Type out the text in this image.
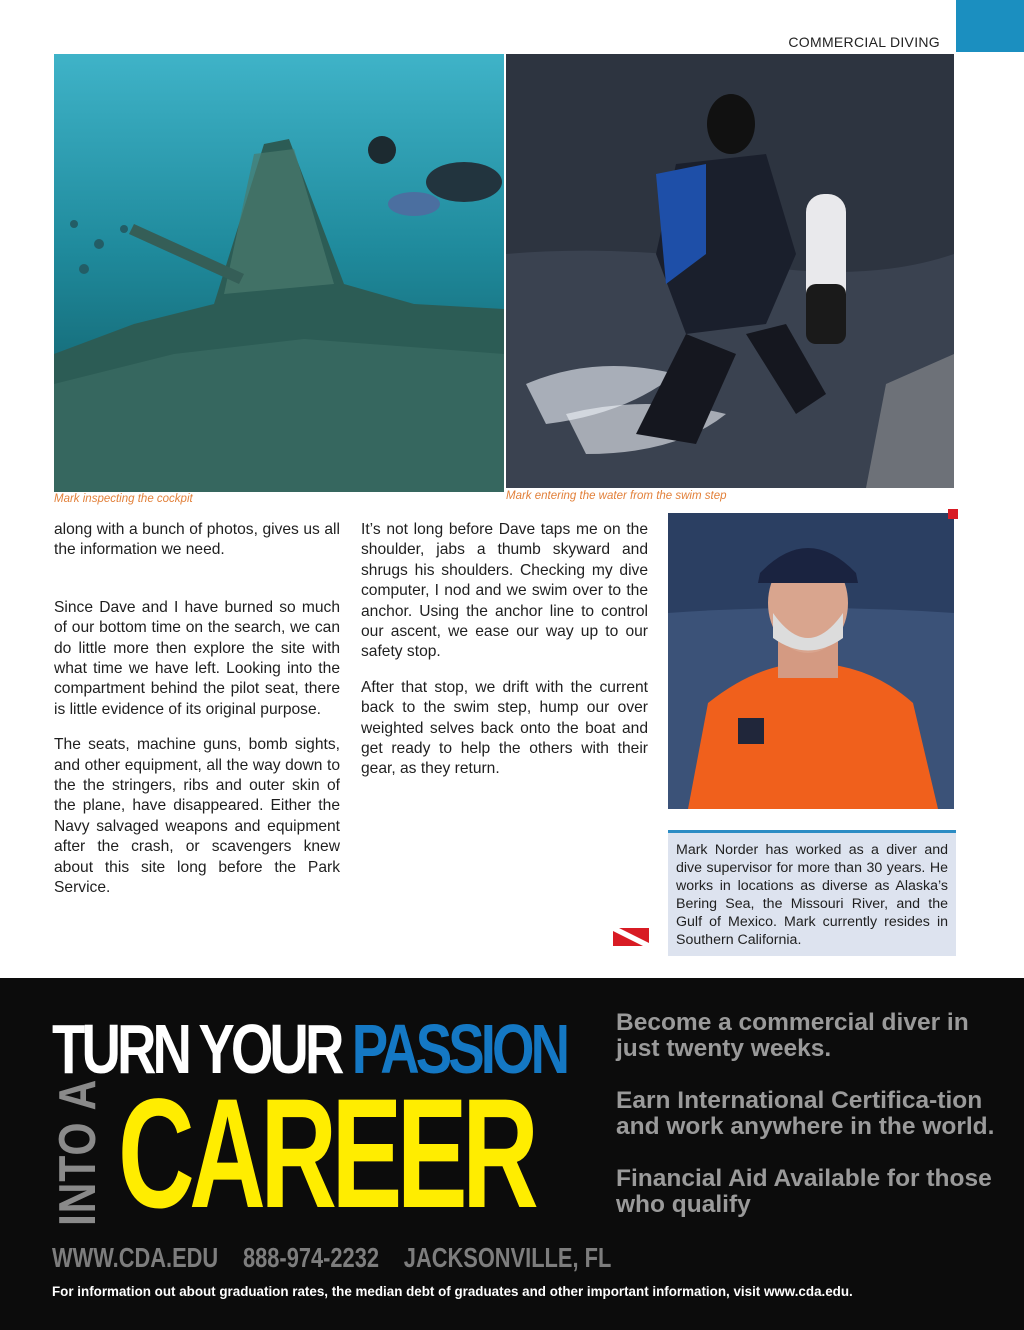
COMMERCIAL DIVING
Mark inspecting the cockpit	Mark entering the water from the swim step

along with a bunch of photos, gives us all the information we need.

Since Dave and I have burned so much of our bottom time on the search, we can do little more then explore the site with what time we have left. Looking into the compartment behind the pilot seat, there is little evidence of its original purpose.

The seats, machine guns, bomb sights, and other equipment, all the way down to the the stringers, ribs and outer skin of the plane, have disappeared. Either the Navy salvaged weapons and equipment after the crash, or scavengers knew about this site long before the Park Service.

It’s not long before Dave taps me on the shoulder, jabs a thumb skyward and shrugs his shoulders. Checking my dive computer, I nod and we swim over to the anchor. Using the anchor line to control our ascent, we ease our way up to our safety stop.

After that stop, we drift with the current back to the swim step, hump our over weighted selves back onto the boat and get ready to help the others with their gear, as they return.

Mark Norder has worked as a diver and dive supervisor for more than 30 years. He works in locations as diverse as Alaska’s Bering Sea, the Missouri River, and the Gulf of Mexico. Mark currently resides in Southern California.
TURN YOUR PASSION
INTO A CAREER
WWW.CDA.EDU 888-974-2232 JACKSONVILLE, FL

Become a commercial diver in just twenty weeks.

Earn International Certifica-tion and work anywhere in the world.

Financial Aid Available for those who qualify

For information out about graduation rates, the median debt of graduates and other important information, visit www.cda.edu.
